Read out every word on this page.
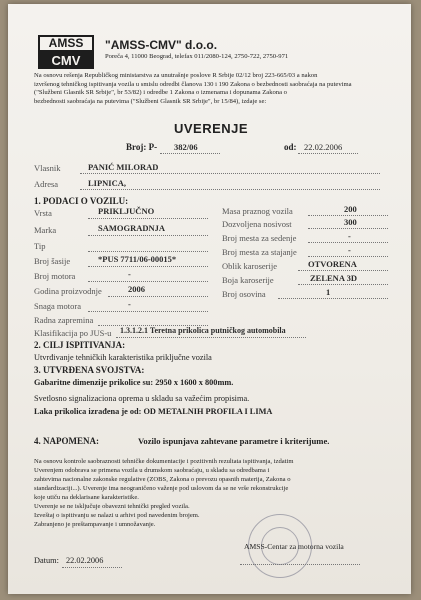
AMSS
CMV
"AMSS-CMV" d.o.o.
Poreča 4, 11000 Beograd, telefax 011/2080-124, 2750-722, 2750-971
Na osnovu rešenja Republičkog ministarstva za unutrašnje poslove R Srbije 02/12 broj 223-665/03 a nakon
izvršenog tehničkog ispitivanja vozila u smislu odredbi članova 130 i 190 Zakona o bezbednosti saobraćaja na putevima
("Službeni Glasnik SR Srbije", br 53/82) i odredbe 1 Zakona o izmenama i dopunama Zakona o
bezbednosti saobraćaja na putevima ("Službeni Glasnik SR Srbije", br 15/84), izdaje se:
UVERENJE
Broj: P- 382/06	od: 22.02.2006
Vlasnik	PANIĆ MILORAD
Adresa	LIPNICA,
1. PODACI O VOZILU:
Vrsta	PRIKLJUČNO
Marka	SAMOGRADNJA
Tip
Broj šasije	*PUS 7711/06-00015*
Broj motora	-
Godina proizvodnje	2006
Snaga motora	-
Radna zapremina
Masa praznog vozila	200
Dozvoljena nosivost	300
Broj mesta za sedenje	-
Broj mesta za stajanje	-
Oblik karoserije	OTVORENA
Boja karoserije	ZELENA 3D
Broj osovina	1
Klasifikacija po JUS-u 1.3.1.2.1 Teretna prikolica putničkog automobila
2. CILJ ISPITIVANJA:
Utvrđivanje tehničkih karakteristika priključne vozila
3. UTVRĐENA SVOJSTVA:
Gabaritne dimenzije prikolice su: 2950 x 1600 x 800mm.
Svetlosno signalizaciona oprema u skladu sa važećim propisima.
Laka prikolica izrađena je od: OD METALNIH PROFILA I LIMA
4. NAPOMENA:	Vozilo ispunjava zahtevane parametre i kriterijume.
Na osnovu kontrole saobraznosti tehničke dokumentacije i pozitivnih rezultata ispitivanja, izdatim
Uverenjem odobrava se primena vozila u drumskom saobraćaju, u skladu sa odredbama i
zahtevima nacionalne zakonske regulative (ZOBS, Zakona o prevozu opasnih materija, Zakona o
standardizaciji...). Uverenje ima neograničeno važenje pod uslovom da se ne vrše rekonstrukcije
koje utiču na deklarisane karakteristike.
Uverenje se ne isključuje obavezni tehnički pregled vozila.
Izveštaj o ispitivanju se nalazi u arhivi pod navedenim brojem.
Zabranjeno je preštampavanje i umnožavanje.
AMSS-Centar za motorna vozila
Datum: 22.02.2006
